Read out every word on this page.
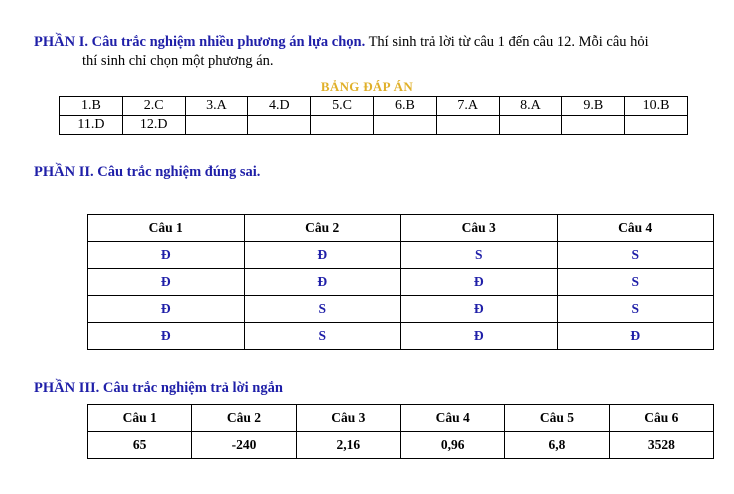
PHẦN I. Câu trắc nghiệm nhiều phương án lựa chọn. Thí sinh trả lời từ câu 1 đến câu 12. Mỗi câu hỏi
thí sinh chỉ chọn một phương án.
BẢNG ĐÁP ÁN
1.B	2.C	3.A	4.D	5.C	6.B	7.A	8.A	9.B	10.B
11.D	12.D								
PHẦN II. Câu trắc nghiệm đúng sai.
Câu 1	Câu 2	Câu 3	Câu 4
Đ	Đ	S	S
Đ	Đ	Đ	S
Đ	S	Đ	S
Đ	S	Đ	Đ
PHẦN III. Câu trắc nghiệm trả lời ngắn
Câu 1	Câu 2	Câu 3	Câu 4	Câu 5	Câu 6
65	-240	2,16	0,96	6,8	3528
